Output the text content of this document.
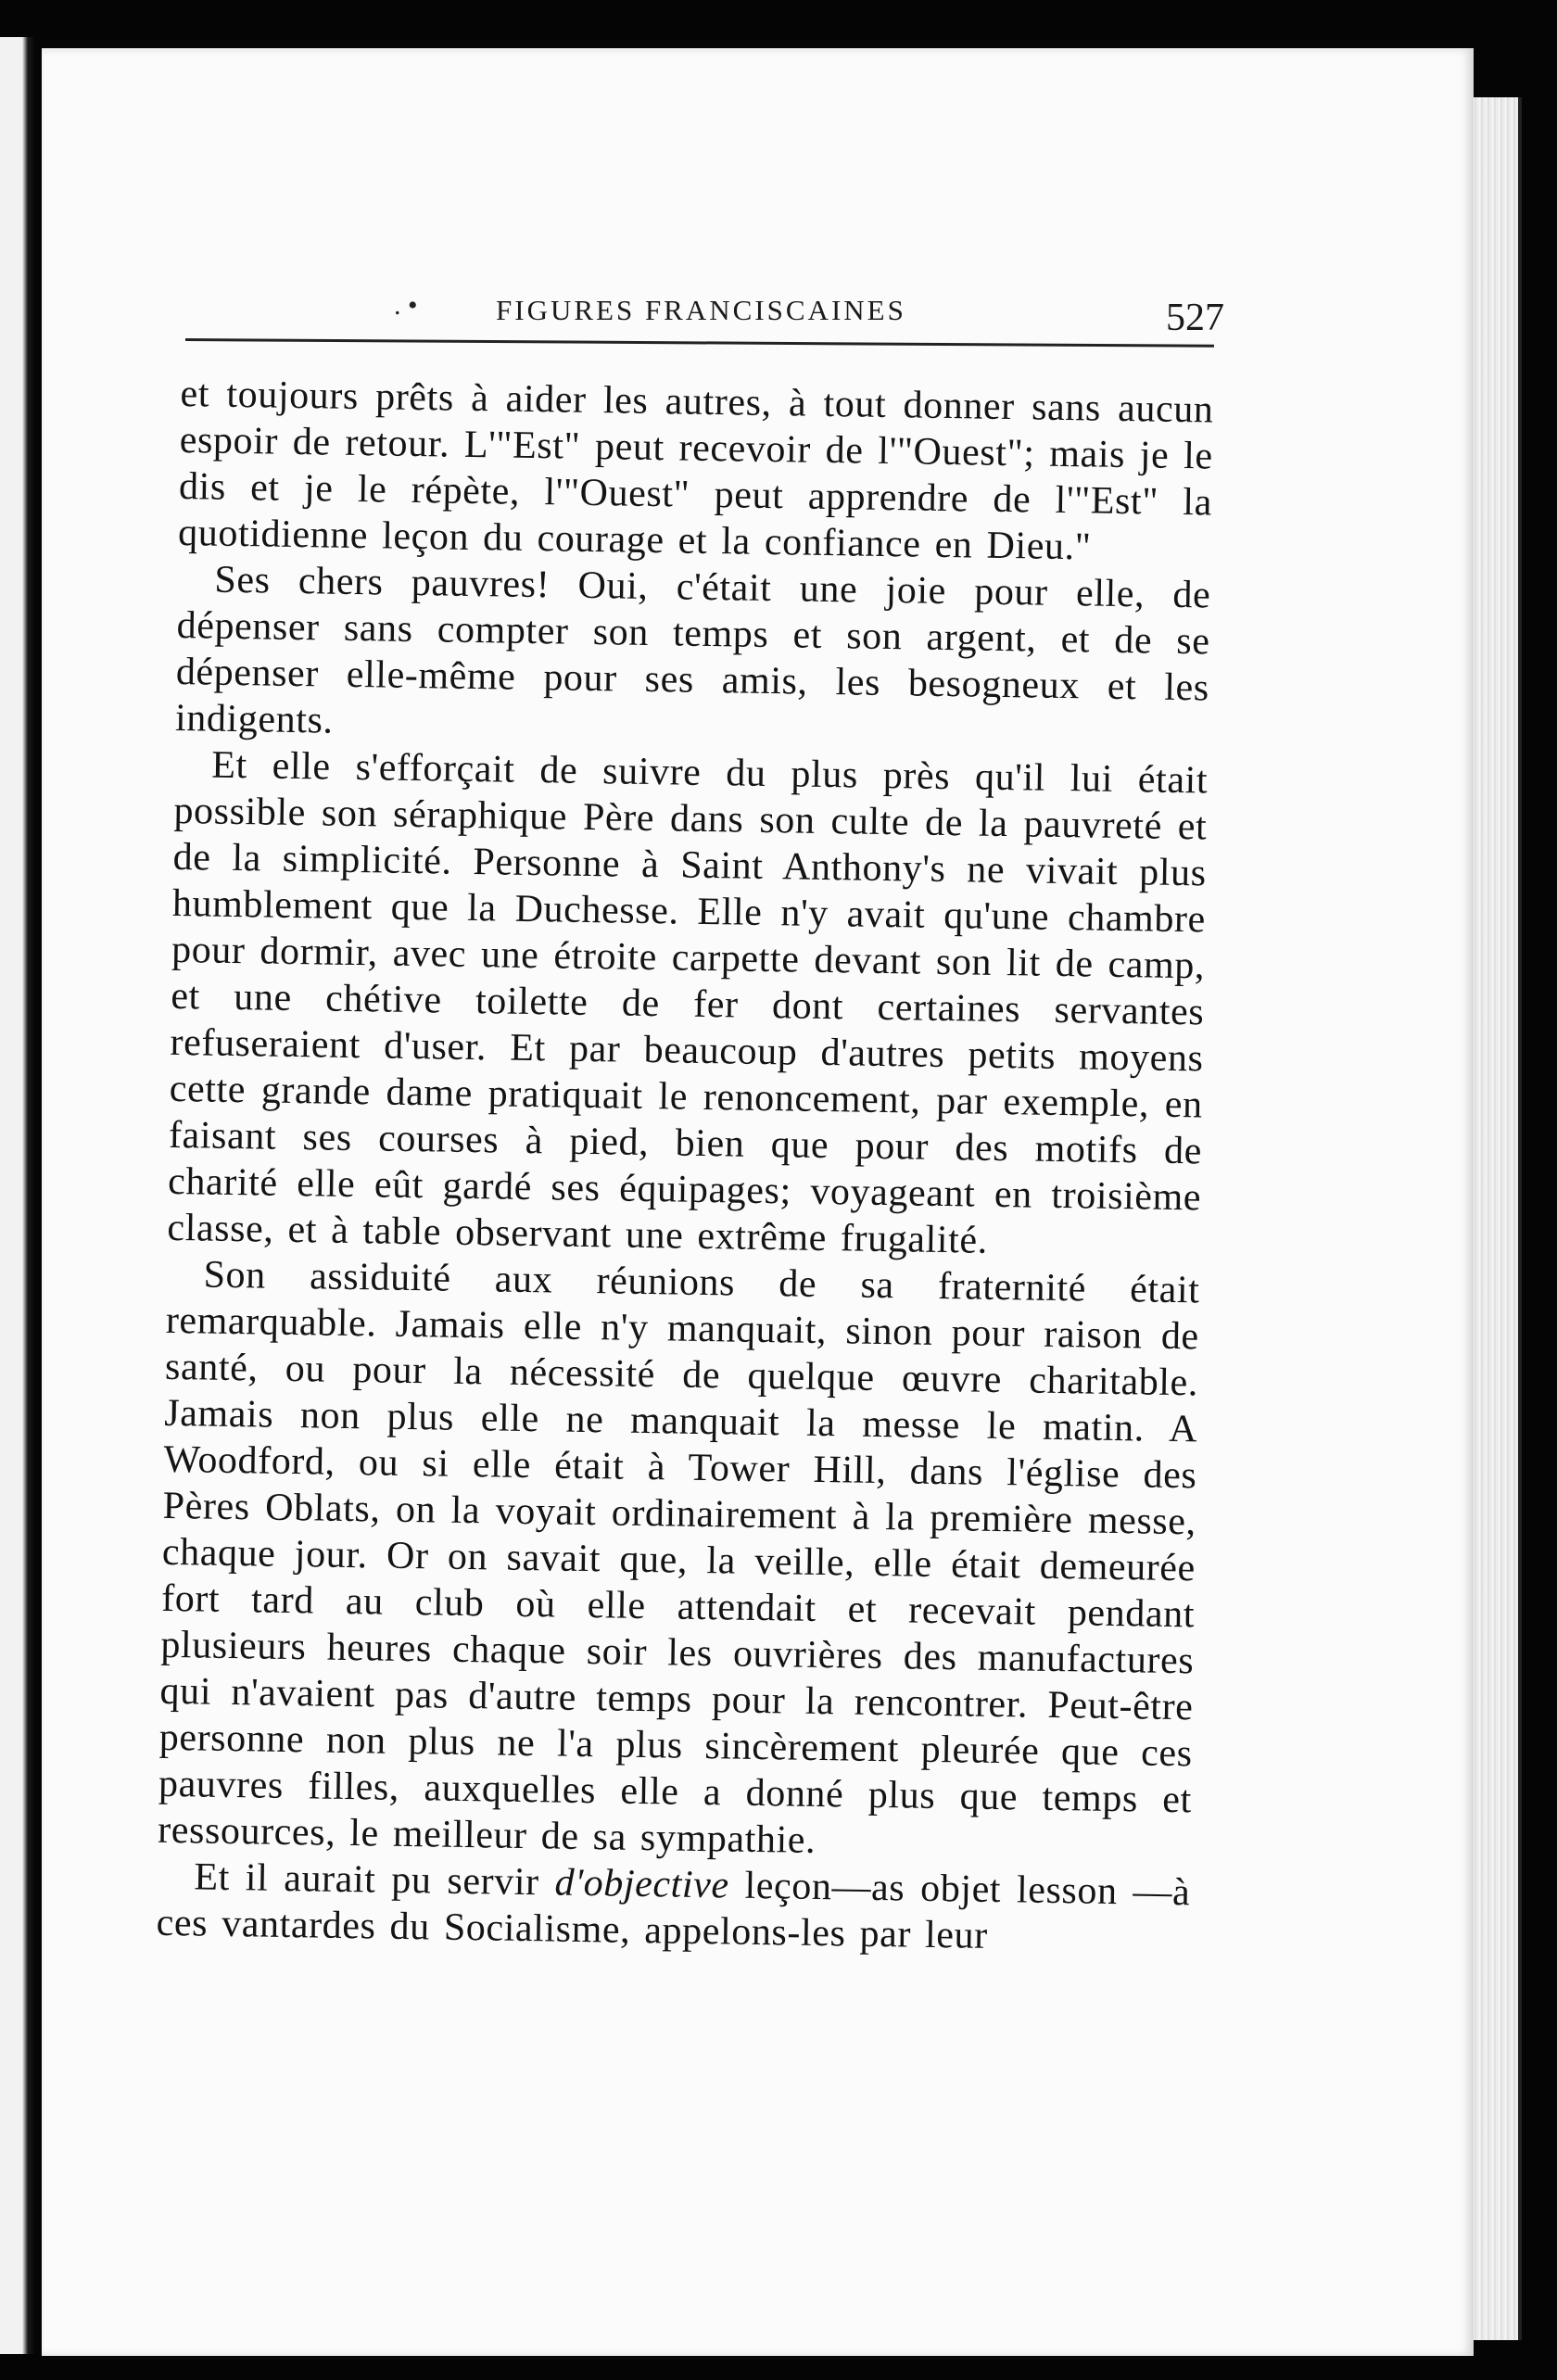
. •	FIGURES FRANCISCAINES	527

et toujours prêts à aider les autres, à tout donner sans aucun espoir de retour. L'"Est" peut recevoir de l'"Ouest"; mais je le dis et je le répète, l'"Ouest" peut apprendre de l'"Est" la quotidienne leçon du courage et la confiance en Dieu."

Ses chers pauvres! Oui, c'était une joie pour elle, de dépenser sans compter son temps et son argent, et de se dépenser elle-même pour ses amis, les besogneux et les indigents.

Et elle s'efforçait de suivre du plus près qu'il lui était possible son séraphique Père dans son culte de la pauvreté et de la simplicité. Personne à Saint Anthony's ne vivait plus humblement que la Duchesse. Elle n'y avait qu'une chambre pour dormir, avec une étroite carpette devant son lit de camp, et une chétive toilette de fer dont certaines servantes refuseraient d'user. Et par beaucoup d'autres petits moyens cette grande dame pratiquait le renoncement, par exemple, en faisant ses courses à pied, bien que pour des motifs de charité elle eût gardé ses équipages; voyageant en troisième classe, et à table observant une extrême frugalité.

Son assiduité aux réunions de sa fraternité était remarquable. Jamais elle n'y manquait, sinon pour raison de santé, ou pour la nécessité de quelque œuvre charitable. Jamais non plus elle ne manquait la messe le matin. A Woodford, ou si elle était à Tower Hill, dans l'église des Pères Oblats, on la voyait ordinairement à la première messe, chaque jour. Or on savait que, la veille, elle était demeurée fort tard au club où elle attendait et recevait pendant plusieurs heures chaque soir les ouvrières des manufactures qui n'avaient pas d'autre temps pour la rencontrer. Peut-être personne non plus ne l'a plus sincèrement pleurée que ces pauvres filles, auxquelles elle a donné plus que temps et ressources, le meilleur de sa sympathie.

Et il aurait pu servir d'objective leçon—as objet lesson —à ces vantardes du Socialisme, appelons-les par leur
